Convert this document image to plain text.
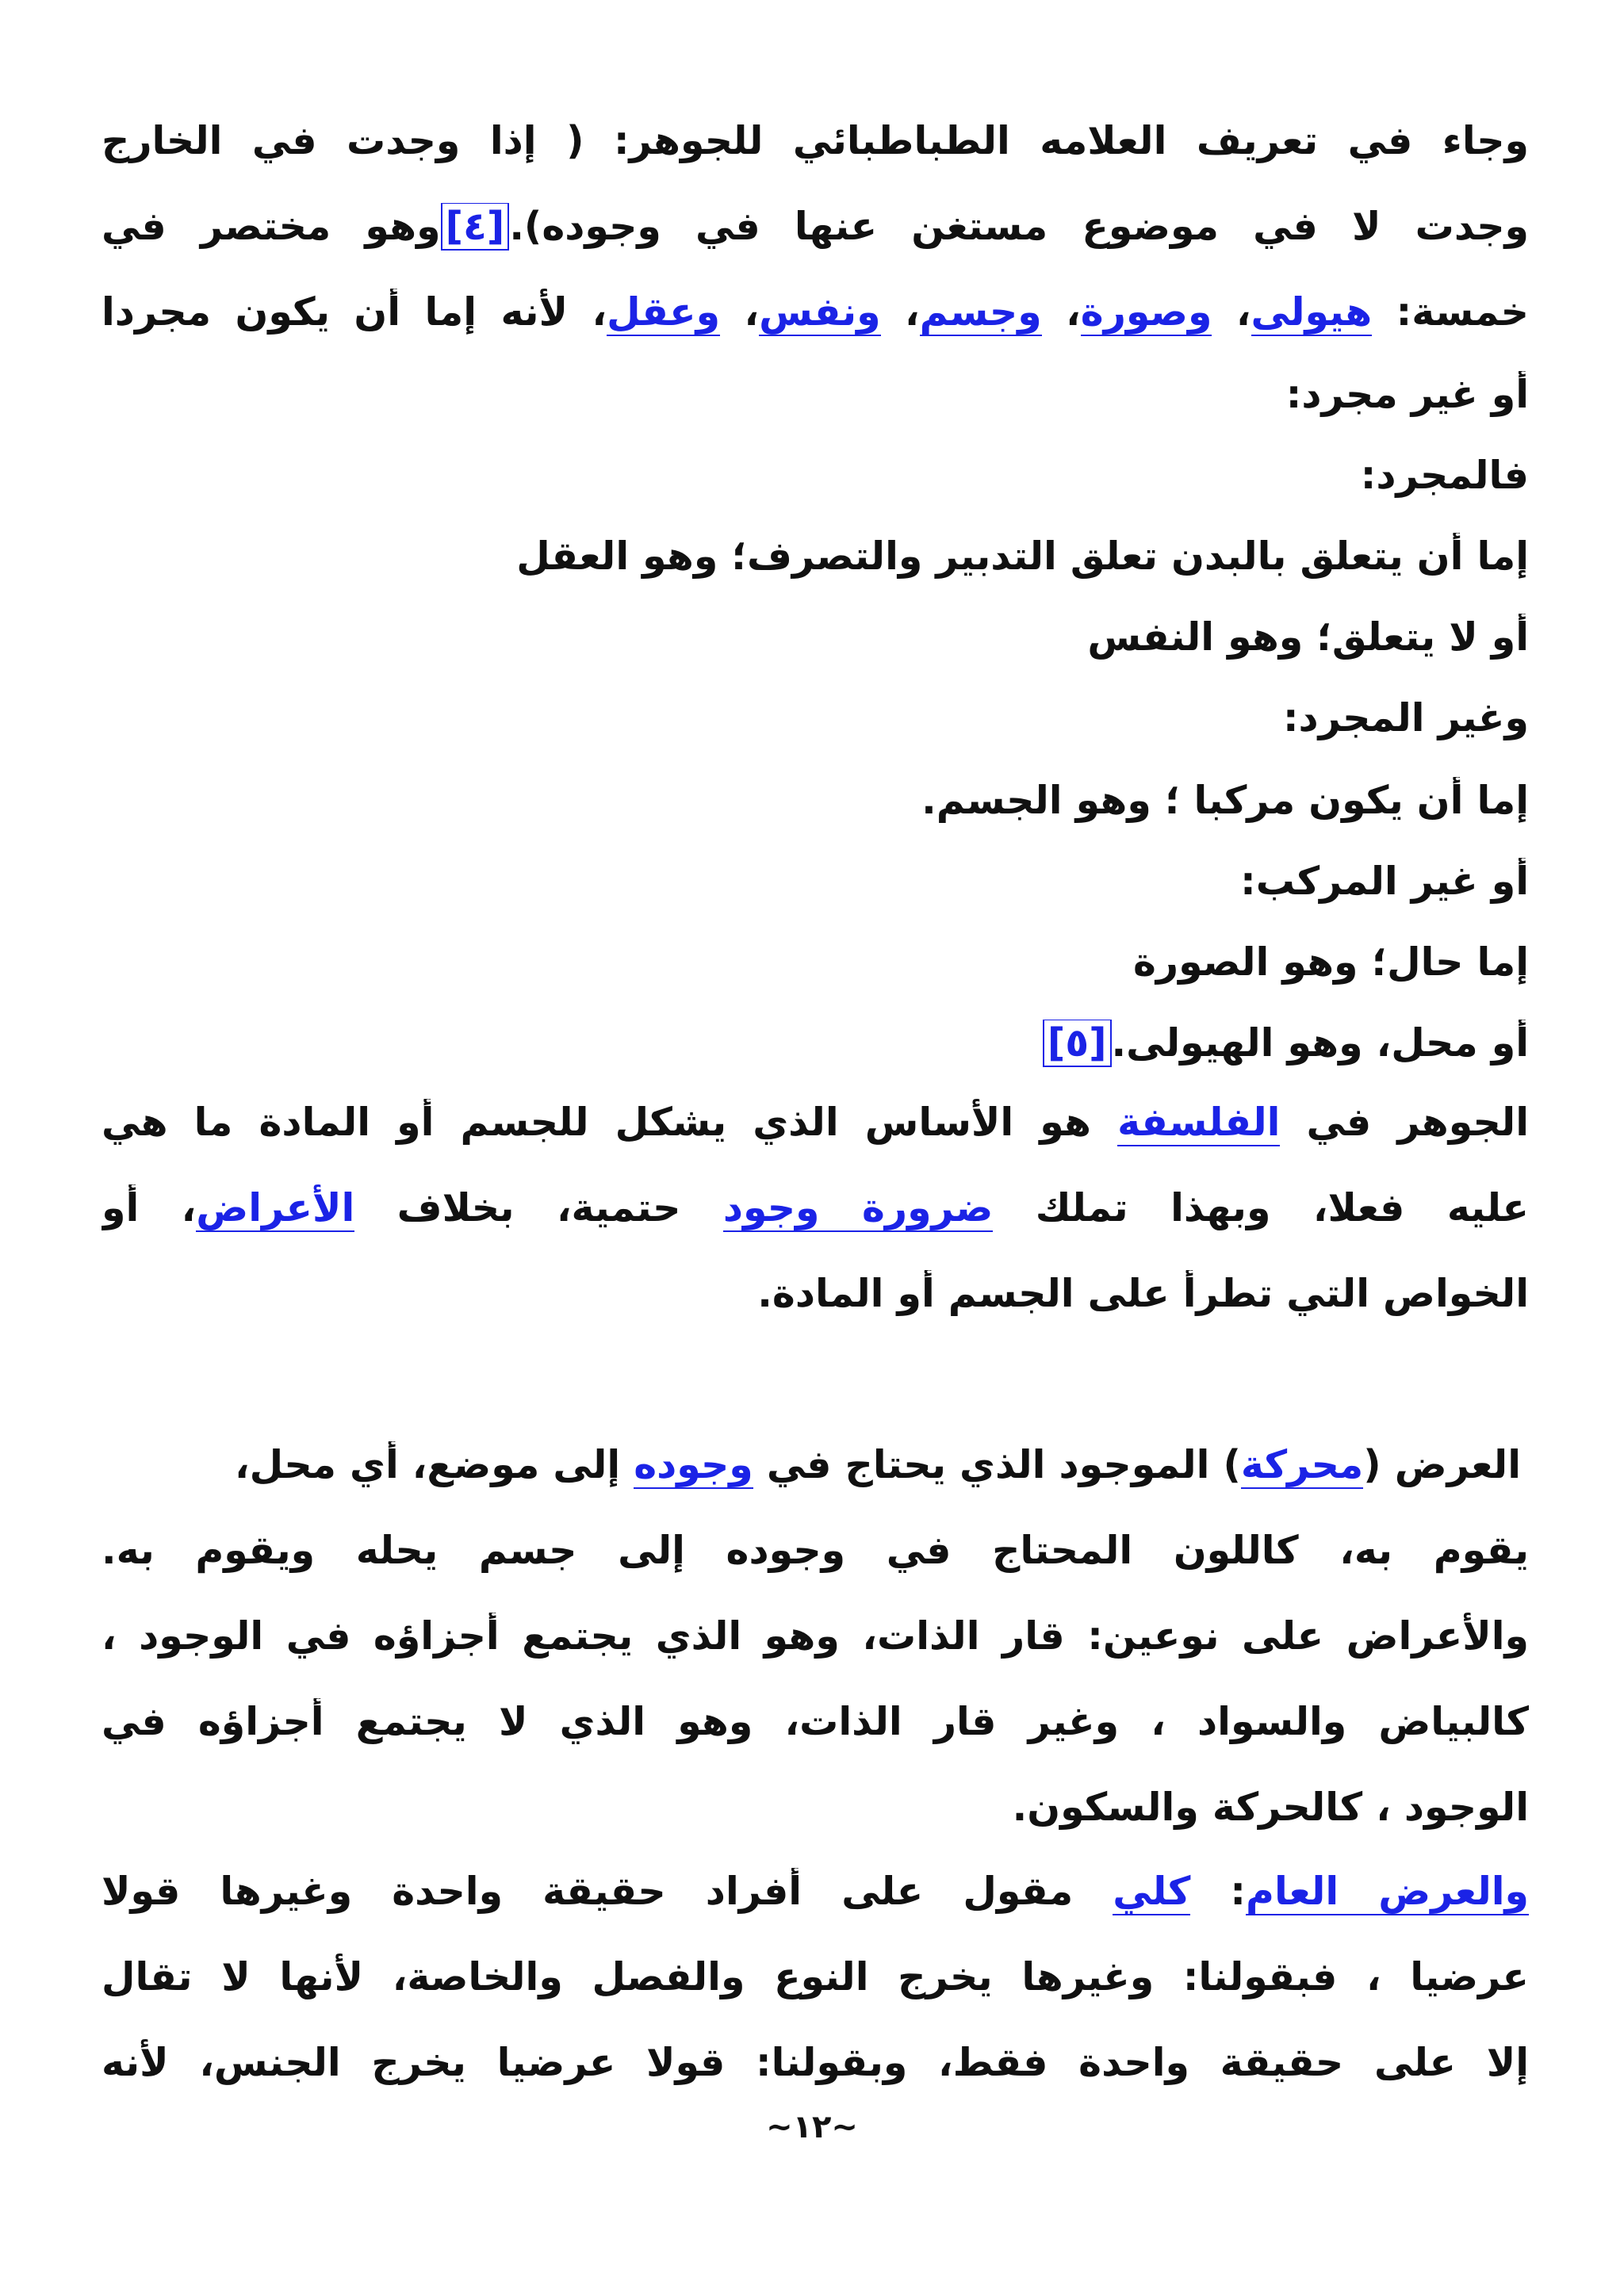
وجاء في تعريف العلامه الطباطبائي للجوهر: ( إذا وجدت في الخارج
وجدت لا في موضوع مستغنٍ عنها في وجوده).[٤]وهو مختصر في
خمسة: هيولى، وصورة، وجسم، ونفس، وعقل، لأنه إما أن يكون مجردا
أو غير مجرد:
فالمجرد:
إما أن يتعلق بالبدن تعلق التدبير والتصرف؛ وهو العقل
أو لا يتعلق؛ وهو النفس
وغير المجرد:
إما أن يكون مركبا ؛ وهو الجسم.
أو غير المركب:
إما حال؛ وهو الصورة
أو محل، وهو الهيولى.[٥]
الجوهر في الفلسفة هو الأساس الذي يشكل للجسم أو المادة ما هي
عليه فعلا، وبهذا تملك ضرورة وجود حتمية، بخلاف الأعراض، أو
الخواص التي تطرأ على الجسم أو المادة.
العرض (محركة) الموجود الذي يحتاج في وجوده إلى موضع، أي محل،
يقوم به، كاللون المحتاج في وجوده إلى جسم يحله ويقوم به.
والأعراض على نوعين: قار الذات، وهو الذي يجتمع أجزاؤه في الوجود ،
كالبياض والسواد ، وغير قار الذات، وهو الذي لا يجتمع أجزاؤه في
الوجود ، كالحركة والسكون.
والعرض العام: كلي مقول على أفراد حقيقة واحدة وغيرها قولا
عرضيا ، فبقولنا: وغيرها يخرج النوع والفصل والخاصة، لأنها لا تقال
إلا على حقيقة واحدة فقط، وبقولنا: قولا عرضيا يخرج الجنس، لأنه
~١٢~
